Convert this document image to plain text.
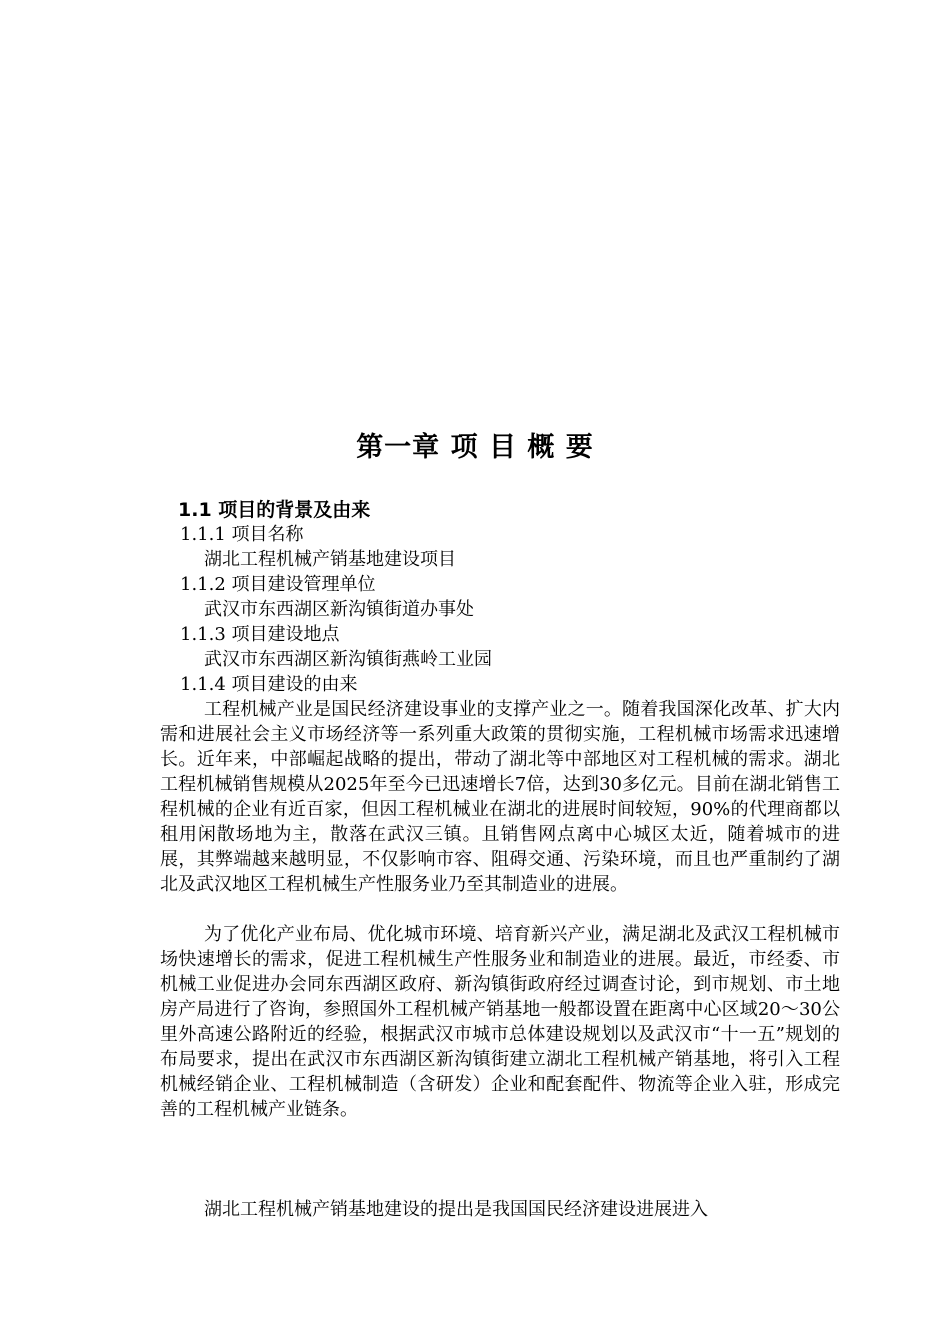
第一章 项 目 概 要
1.1 项目的背景及由来
1.1.1 项目名称
湖北工程机械产销基地建设项目
1.1.2 项目建设管理单位
武汉市东西湖区新沟镇街道办事处
1.1.3 项目建设地点
武汉市东西湖区新沟镇街燕岭工业园
1.1.4 项目建设的由来

工程机械产业是国民经济建设事业的支撑产业之一。随着我国深化改革、扩大内需和进展社会主义市场经济等一系列重大政策的贯彻实施，工程机械市场需求迅速增长。近年来，中部崛起战略的提出，带动了湖北等中部地区对工程机械的需求。湖北工程机械销售规模从2025年至今已迅速增长7倍，达到30多亿元。目前在湖北销售工程机械的企业有近百家，但因工程机械业在湖北的进展时间较短，90%的代理商都以租用闲散场地为主，散落在武汉三镇。且销售网点离中心城区太近，随着城市的进展，其弊端越来越明显，不仅影响市容、阻碍交通、污染环境，而且也严重制约了湖北及武汉地区工程机械生产性服务业乃至其制造业的进展。

为了优化产业布局、优化城市环境、培育新兴产业，满足湖北及武汉工程机械市场快速增长的需求，促进工程机械生产性服务业和制造业的进展。最近，市经委、市机械工业促进办会同东西湖区政府、新沟镇街政府经过调查讨论，到市规划、市土地房产局进行了咨询，参照国外工程机械产销基地一般都设置在距离中心区域20～30公里外高速公路附近的经验，根据武汉市城市总体建设规划以及武汉市“十一五”规划的布局要求，提出在武汉市东西湖区新沟镇街建立湖北工程机械产销基地，将引入工程机械经销企业、工程机械制造（含研发）企业和配套配件、物流等企业入驻，形成完善的工程机械产业链条。

湖北工程机械产销基地建设的提出是我国国民经济建设进展进入
